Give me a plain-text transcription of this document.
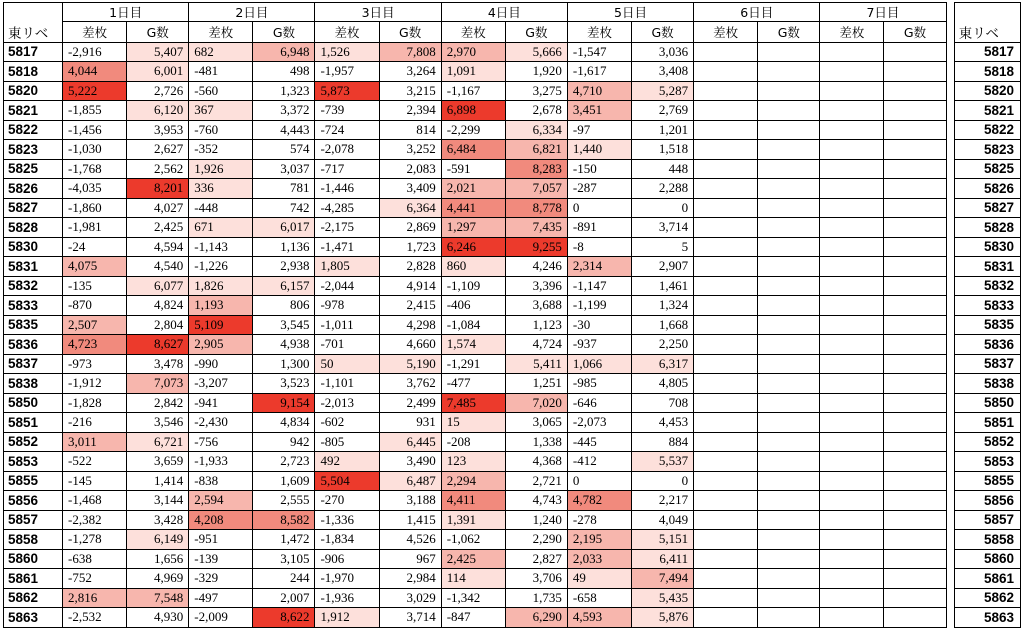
	1日目		2日目		3日目		4日目		5日目		6日目		7日目			
東リベ	差枚	G数	差枚	G数	差枚	G数	差枚	G数	差枚	G数	差枚	G数	差枚	G数		東リベ
5817	-2,916	5,407	682	6,948	1,526	7,808	2,970	5,666	-1,547	3,036						5817
5818	4,044	6,001	-481	498	-1,957	3,264	1,091	1,920	-1,617	3,408						5818
5820	5,222	2,726	-560	1,323	5,873	3,215	-1,167	3,275	4,710	5,287						5820
5821	-1,855	6,120	367	3,372	-739	2,394	6,898	2,678	3,451	2,769						5821
5822	-1,456	3,953	-760	4,443	-724	814	-2,299	6,334	-97	1,201						5822
5823	-1,030	2,627	-352	574	-2,078	3,252	6,484	6,821	1,440	1,518						5823
5825	-1,768	2,562	1,926	3,037	-717	2,083	-591	8,283	-150	448						5825
5826	-4,035	8,201	336	781	-1,446	3,409	2,021	7,057	-287	2,288						5826
5827	-1,860	4,027	-448	742	-4,285	6,364	4,441	8,778	0	0						5827
5828	-1,981	2,425	671	6,017	-2,175	2,869	1,297	7,435	-891	3,714						5828
5830	-24	4,594	-1,143	1,136	-1,471	1,723	6,246	9,255	-8	5						5830
5831	4,075	4,540	-1,226	2,938	1,805	2,828	860	4,246	2,314	2,907						5831
5832	-135	6,077	1,826	6,157	-2,044	4,914	-1,109	3,396	-1,147	1,461						5832
5833	-870	4,824	1,193	806	-978	2,415	-406	3,688	-1,199	1,324						5833
5835	2,507	2,804	5,109	3,545	-1,011	4,298	-1,084	1,123	-30	1,668						5835
5836	4,723	8,627	2,905	4,938	-701	4,660	1,574	4,724	-937	2,250						5836
5837	-973	3,478	-990	1,300	50	5,190	-1,291	5,411	1,066	6,317						5837
5838	-1,912	7,073	-3,207	3,523	-1,101	3,762	-477	1,251	-985	4,805						5838
5850	-1,828	2,842	-941	9,154	-2,013	2,499	7,485	7,020	-646	708						5850
5851	-216	3,546	-2,430	4,834	-602	931	15	3,065	-2,073	4,453						5851
5852	3,011	6,721	-756	942	-805	6,445	-208	1,338	-445	884						5852
5853	-522	3,659	-1,933	2,723	492	3,490	123	4,368	-412	5,537						5853
5855	-145	1,414	-838	1,609	5,504	6,487	2,294	2,721	0	0						5855
5856	-1,468	3,144	2,594	2,555	-270	3,188	4,411	4,743	4,782	2,217						5856
5857	-2,382	3,428	4,208	8,582	-1,336	1,415	1,391	1,240	-278	4,049						5857
5858	-1,278	6,149	-951	1,472	-1,834	4,526	-1,062	2,290	2,195	5,151						5858
5860	-638	1,656	-139	3,105	-906	967	2,425	2,827	2,033	6,411						5860
5861	-752	4,969	-329	244	-1,970	2,984	114	3,706	49	7,494						5861
5862	2,816	7,548	-497	2,007	-1,936	3,029	-1,342	1,735	-658	5,435						5862
5863	-2,532	4,930	-2,009	8,622	1,912	3,714	-847	6,290	4,593	5,876						5863
